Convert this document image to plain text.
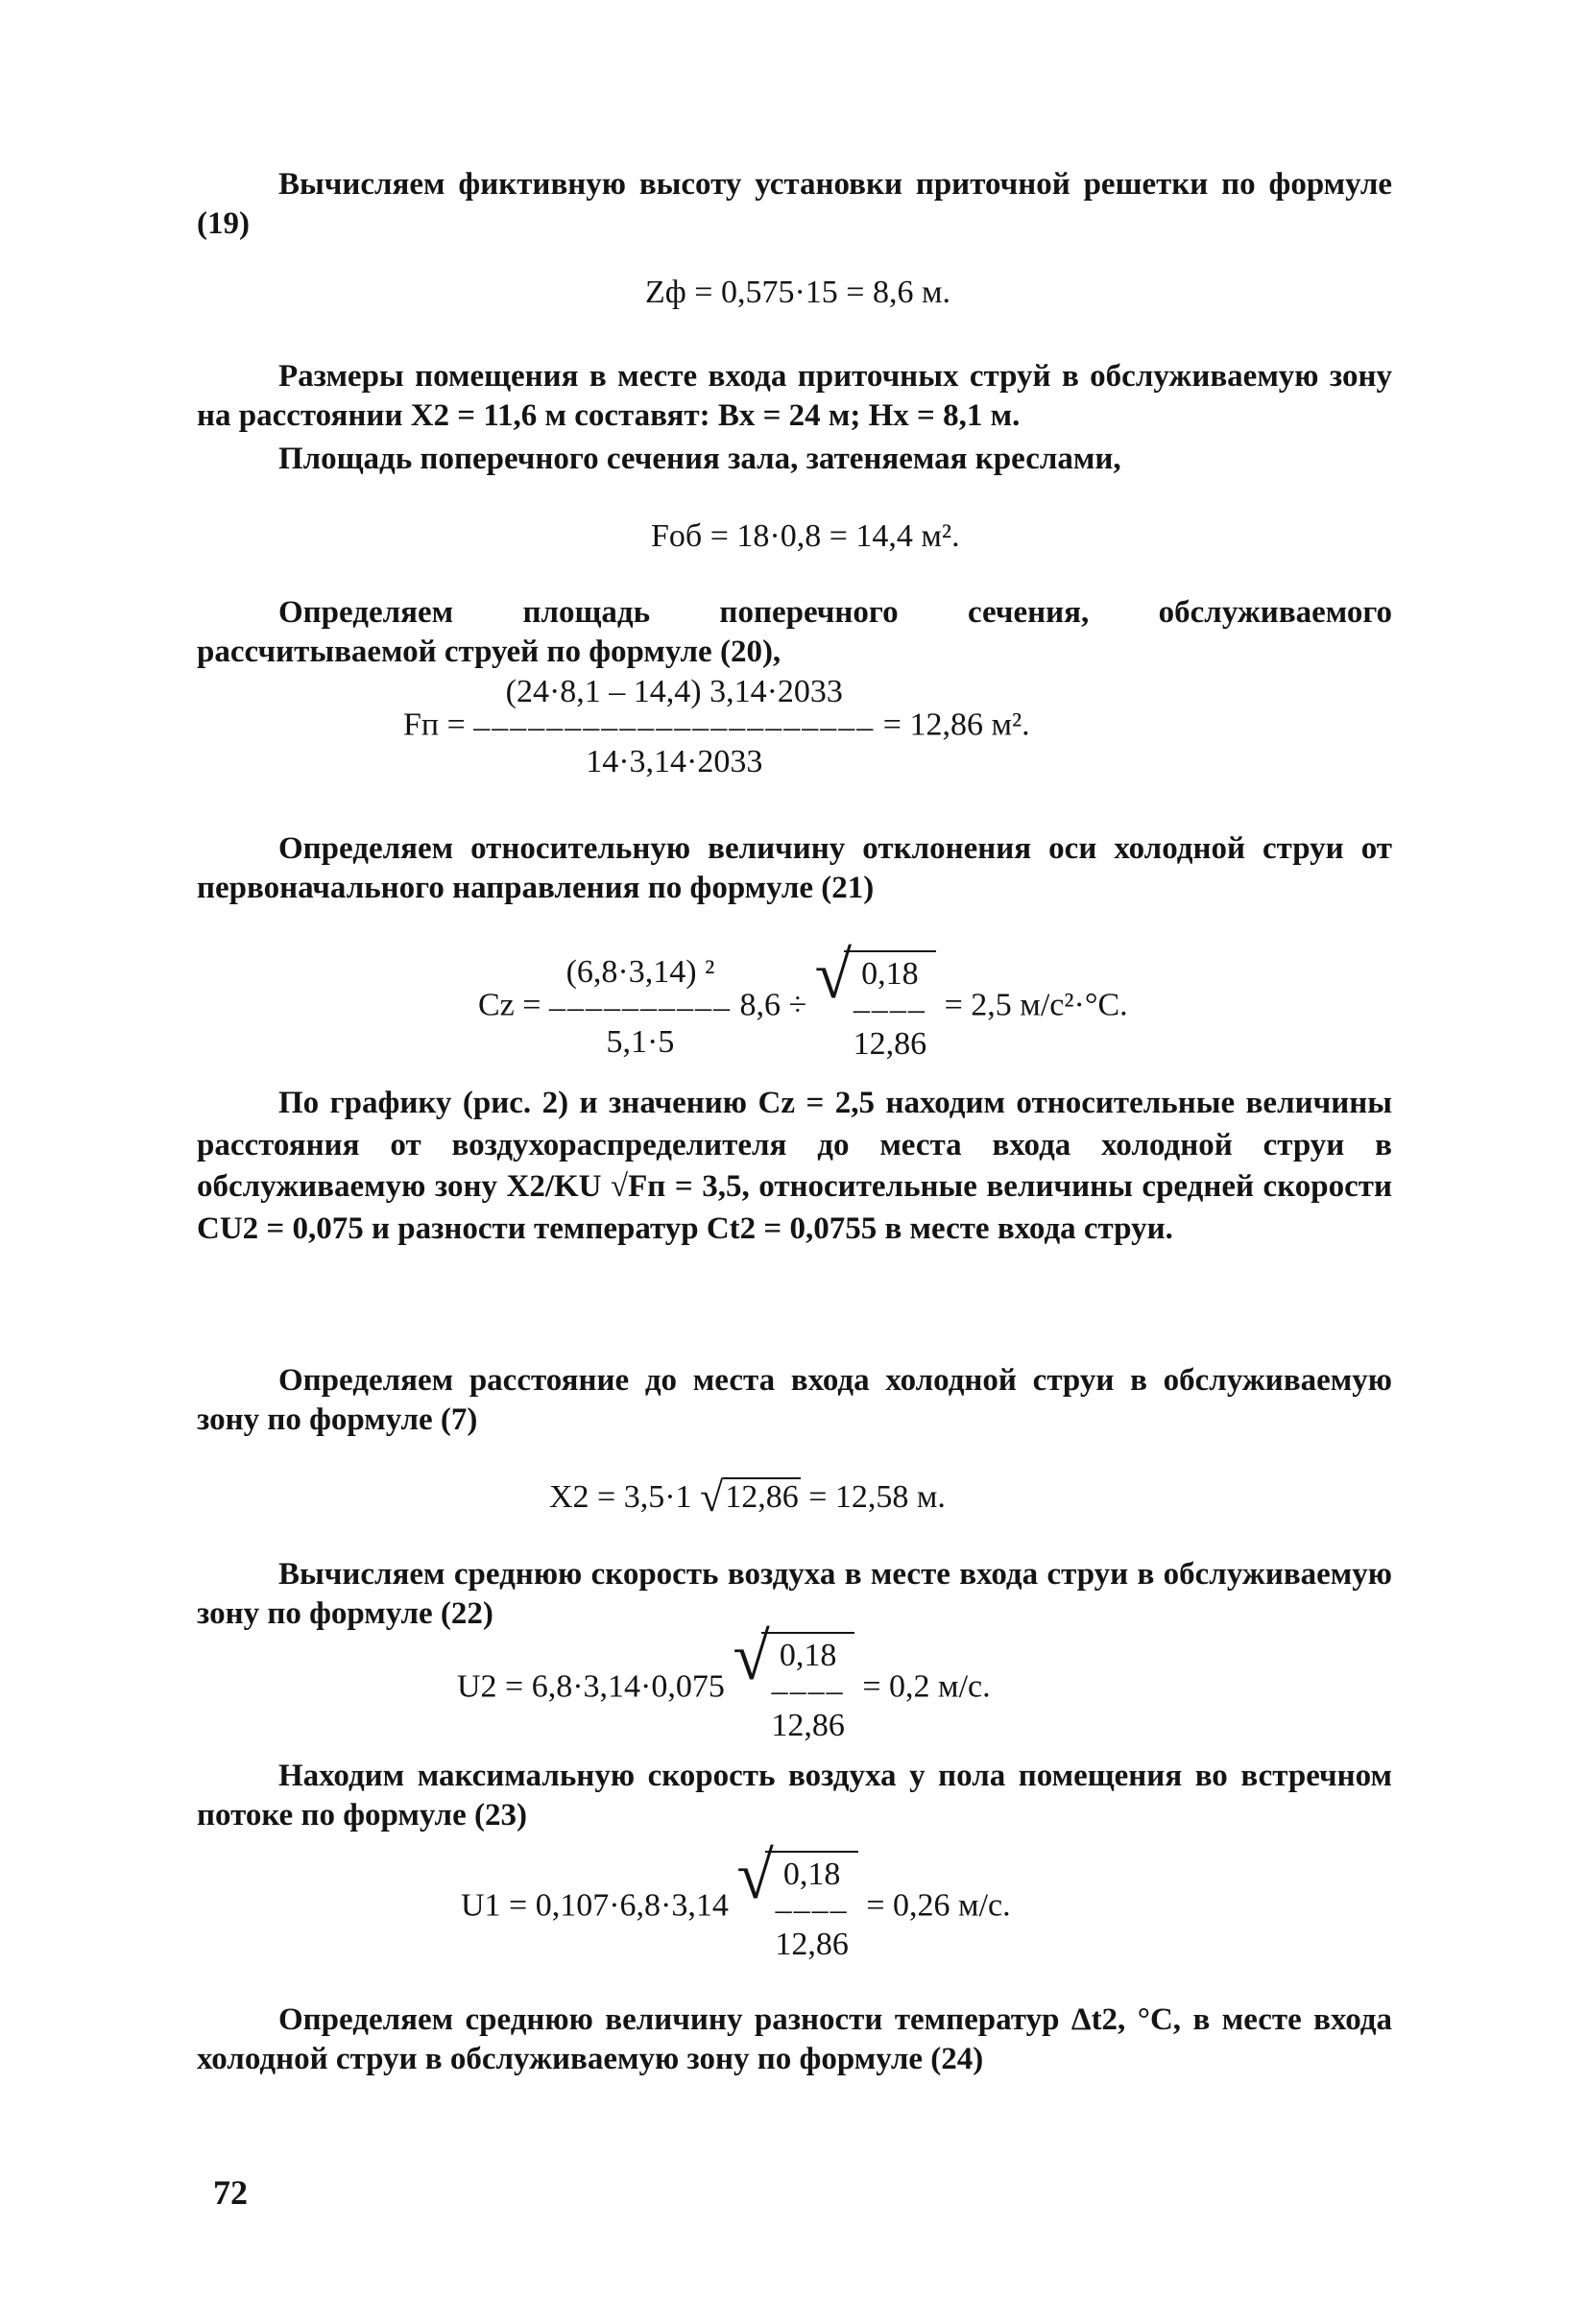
Вычисляем фиктивную высоту установки приточной решетки по формуле (19)

Zф = 0,575·15 = 8,6 м.

Размеры помещения в месте входа приточных струй в обслуживаемую зону на расстоянии X2 = 11,6 м составят: Bx = 24 м; Hx = 8,1 м.

Площадь поперечного сечения зала, затеняемая креслами,

Fоб = 18·0,8 = 14,4 м².

Определяем площадь поперечного сечения, обслуживаемого рассчитываемой струей по формуле (20),

Fп =
(24·8,1 – 14,4) 3,14·2033
––––––––––––––––––––––
14·3,14·2033
= 12,86 м².

Определяем относительную величину отклонения оси холодной струи от первоначального направления по формуле (21)

Cz =
(6,8·3,14) ²
––––––––––
5,1·5
8,6 ÷ √ 0,18
––––
12,86
= 2,5 м/с²·°С.

По графику (рис. 2) и значению Cz = 2,5 находим относительные величины расстояния от воздухораспределителя до места входа холодной струи в обслуживаемую зону X2/KU √Fп = 3,5, относительные величины средней скорости CU2 = 0,075 и разности температур Ct2 = 0,0755 в месте входа струи.

Определяем расстояние до места входа холодной струи в обслуживаемую зону по формуле (7)

X2 = 3,5·1 √12,86 = 12,58 м.

Вычисляем среднюю скорость воздуха в месте входа струи в обслуживаемую зону по формуле (22)

U2 = 6,8·3,14·0,075 √ 0,18
––––
12,86
= 0,2 м/с.

Находим максимальную скорость воздуха у пола помещения во встречном потоке по формуле (23)

U1 = 0,107·6,8·3,14 √ 0,18
––––
12,86
= 0,26 м/с.

Определяем среднюю величину разности температур Δt2, °С, в месте входа холодной струи в обслуживаемую зону по формуле (24)

72
